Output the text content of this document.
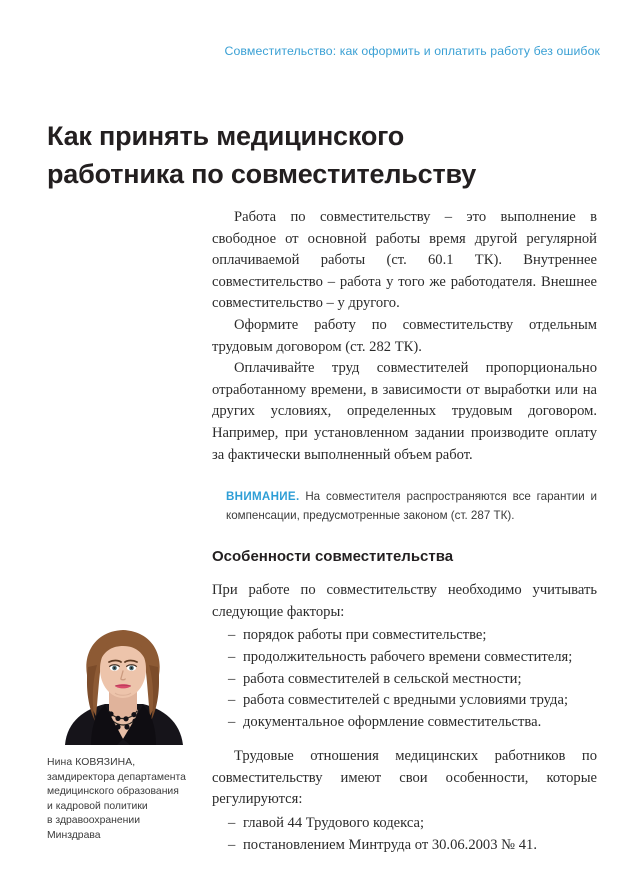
Совместительство: как оформить и оплатить работу без ошибок
Как принять медицинского
работника по совместительству

Работа по совместительству – это выполнение в свободное от основной работы время другой регулярной оплачиваемой работы (ст. 60.1 ТК). Внутреннее совместительство – работа у того же работодателя. Внешнее совместительство – у другого.

Оформите работу по совместительству отдельным трудовым договором (ст. 282 ТК).

Оплачивайте труд совместителей пропорционально отработанному времени, в зависимости от выработки или на других условиях, определенных трудовым договором. Например, при установленном задании производите оплату за фактически выполненный объем работ.

ВНИМАНИЕ. На совместителя распространяются все гарантии и компенсации, предусмотренные законом (ст. 287 ТК).
Особенности совместительства

При работе по совместительству необходимо учитывать следующие факторы:

– порядок работы при совместительстве;
– продолжительность рабочего времени совместителя;
– работа совместителей в сельской местности;
– работа совместителей с вредными условиями труда;
– документальное оформление совместительства.

Трудовые отношения медицинских работников по совместительству имеют свои особенности, которые регулируются:

– главой 44 Трудового кодекса;
– постановлением Минтруда от 30.06.2003 № 41.
Нина КОВЯЗИНА,
замдиректора департамента
медицинского образования
и кадровой политики
в здравоохранении
Минздрава
